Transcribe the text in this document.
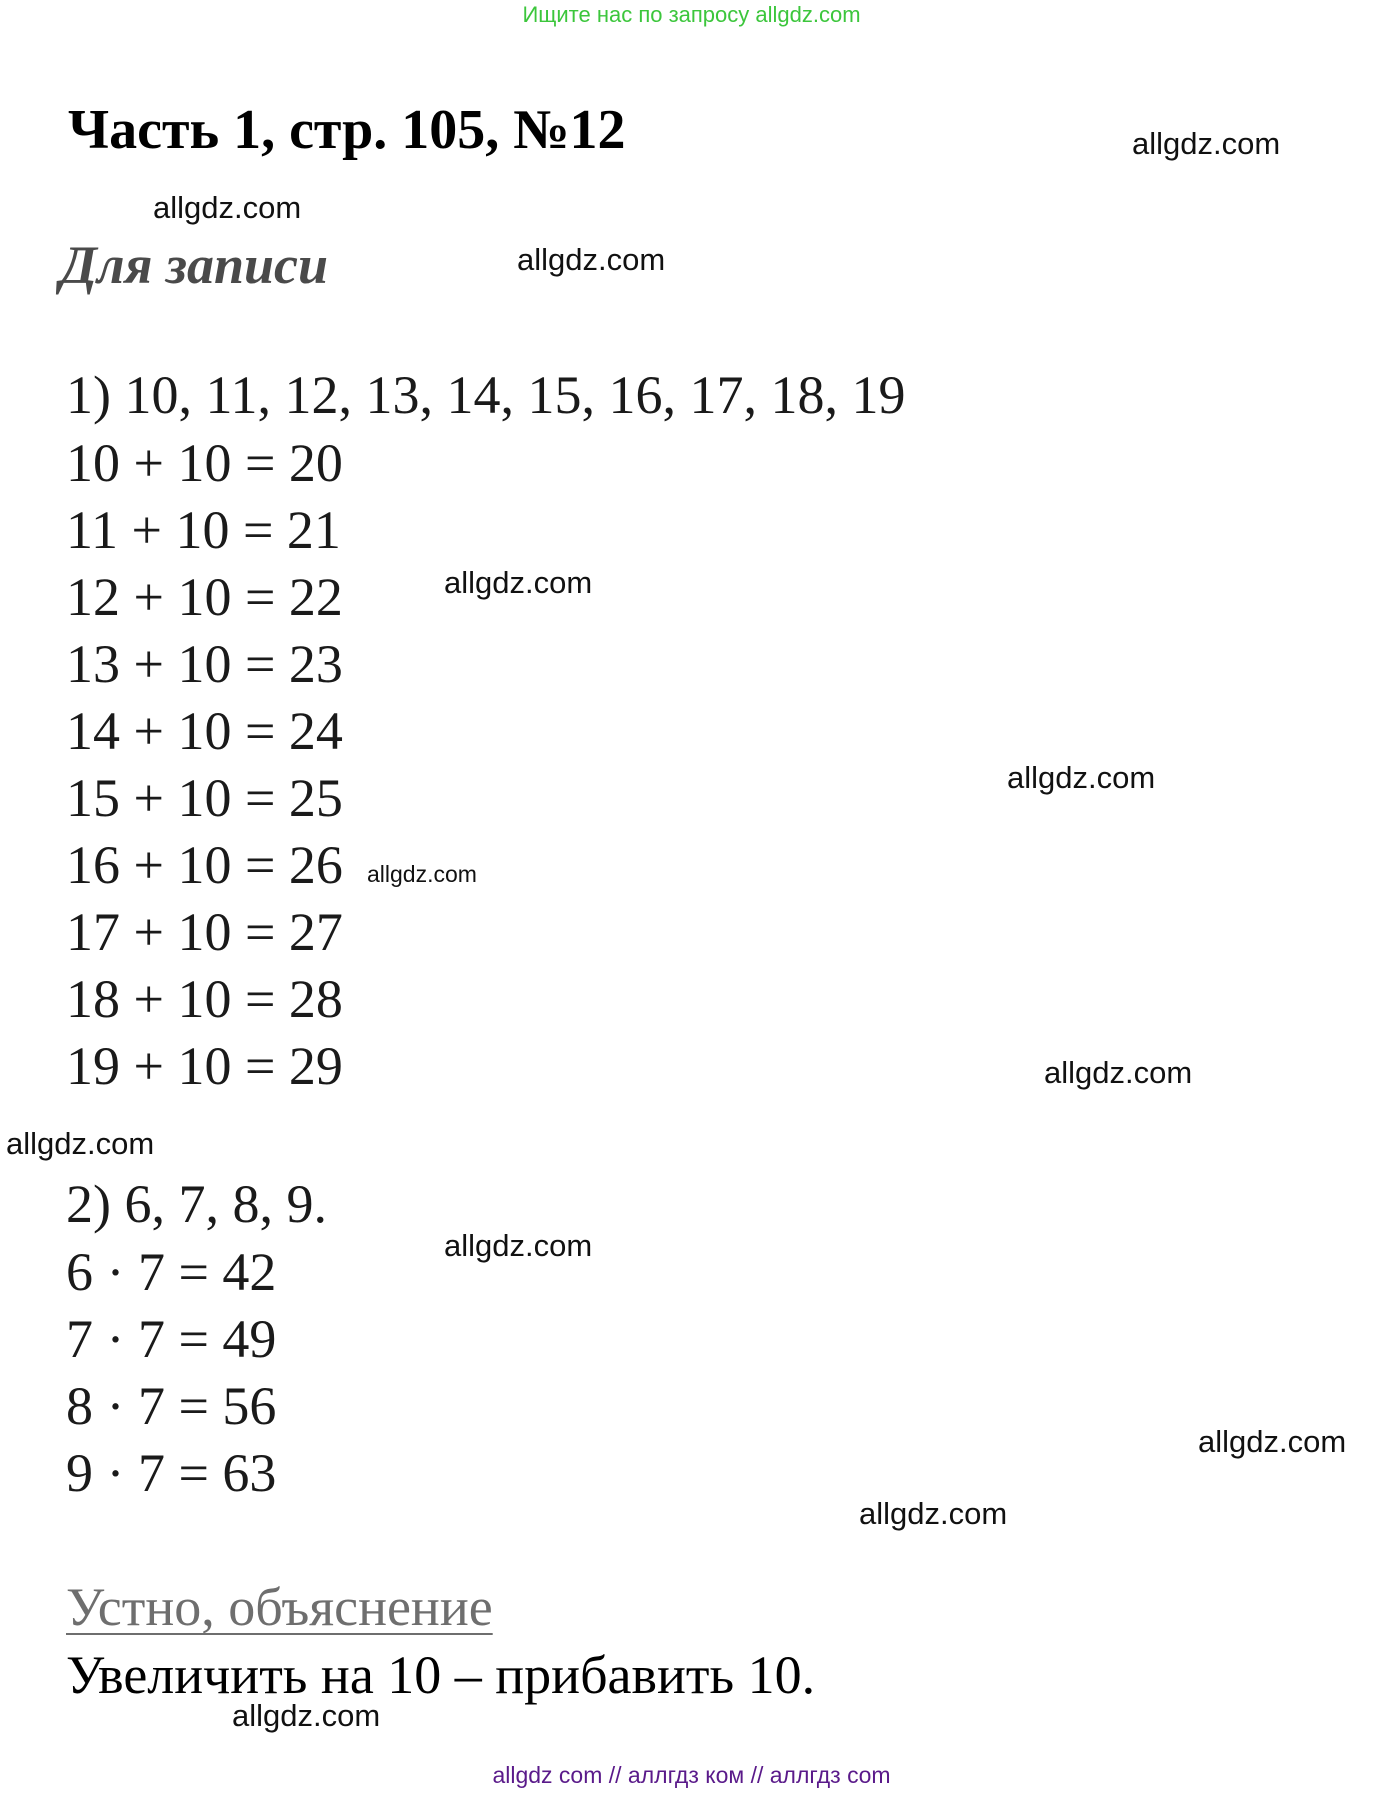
Ищите нас по запросу allgdz.com
Часть 1, стр. 105, №12
Для записи
1) 10, 11, 12, 13, 14, 15, 16, 17, 18, 19
10 + 10 = 20
11 + 10 = 21
12 + 10 = 22
13 + 10 = 23
14 + 10 = 24
15 + 10 = 25
16 + 10 = 26
17 + 10 = 27
18 + 10 = 28
19 + 10 = 29
2) 6, 7, 8, 9.
6 · 7 = 42
7 · 7 = 49
8 · 7 = 56
9 · 7 = 63
Устно, объяснение
Увеличить на 10 – прибавить 10.
allgdz.com
allgdz.com
allgdz.com
allgdz.com
allgdz.com
allgdz.com
allgdz.com
allgdz.com
allgdz.com
allgdz.com
allgdz.com
allgdz.com
allgdz com // аллгдз ком // аллгдз com
